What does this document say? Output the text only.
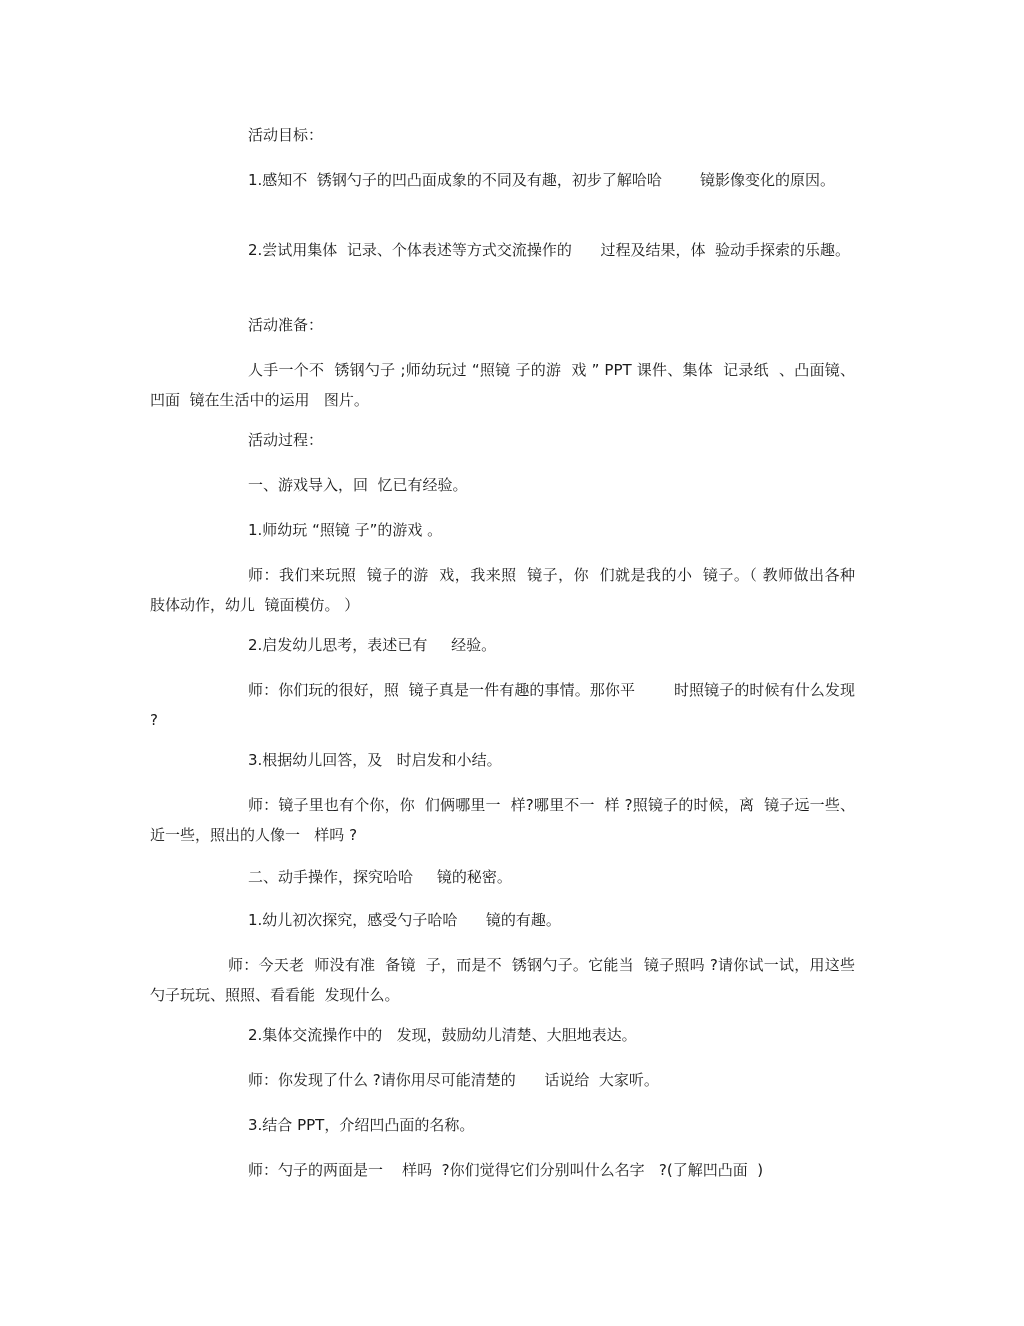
活动目标：

1.感知不  锈钢勺子的凹凸面成象的不同及有趣，初步了解哈哈        镜影像变化的原因。

2.尝试用集体  记录、个体表述等方式交流操作的      过程及结果，体  验动手探索的乐趣。

活动准备：

人手一个不  锈钢勺子 ;师幼玩过 “照镜 子的游  戏 ” PPT 课件、集体  记录纸  、凸面镜、凹面  镜在生活中的运用   图片。

活动过程：

一、游戏导入，回  忆已有经验。

1.师幼玩 “照镜 子”的游戏 。

师：我们来玩照  镜子的游  戏，我来照  镜子，你  们就是我的小  镜子。（ 教师做出各种  肢体动作，幼儿  镜面模仿。 ）

2.启发幼儿思考，表述已有     经验。

师：你们玩的很好，照  镜子真是一件有趣的事情。那你平        时照镜子的时候有什么发现 ?

3.根据幼儿回答，及   时启发和小结。

师：镜子里也有个你，你  们俩哪里一  样?哪里不一  样 ?照镜子的时候，离  镜子远一些、近一些，照出的人像一   样吗 ?

二、动手操作，探究哈哈     镜的秘密。

1.幼儿初次探究，感受勺子哈哈      镜的有趣。

师：今天老  师没有准  备镜  子，而是不  锈钢勺子。它能当  镜子照吗 ?请你试一试，用这些勺子玩玩、照照、看看能  发现什么。

2.集体交流操作中的   发现，鼓励幼儿清楚、大胆地表达。

师：你发现了什么 ?请你用尽可能清楚的      话说给  大家听。

3.结合 PPT，介绍凹凸面的名称。

师：勺子的两面是一    样吗  ?你们觉得它们分别叫什么名字   ?(了解凹凸面  )
